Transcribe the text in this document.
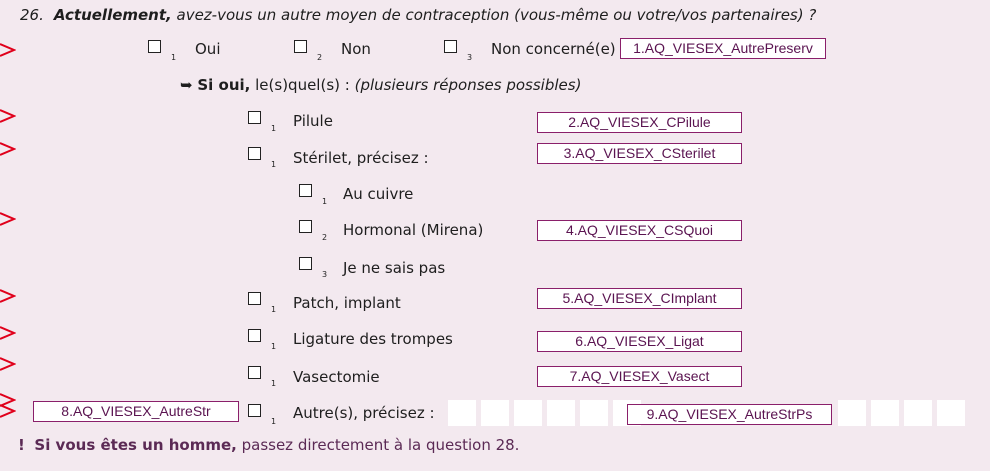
26. Actuellement, avez-vous un autre moyen de contraception (vous-même ou votre/vos partenaires) ?
1 Oui	2 Non	3 Non concerné(e)	1.AQ_VIESEX_AutrePreserv
➥ Si oui, le(s)quel(s) : (plusieurs réponses possibles)
1 Pilule	2.AQ_VIESEX_CPilule
1 Stérilet, précisez :	3.AQ_VIESEX_CSterilet
1 Au cuivre
2 Hormonal (Mirena)	4.AQ_VIESEX_CSQuoi
3 Je ne sais pas
1 Patch, implant	5.AQ_VIESEX_CImplant
1 Ligature des trompes	6.AQ_VIESEX_Ligat
1 Vasectomie	7.AQ_VIESEX_Vasect
8.AQ_VIESEX_AutreStr
1 Autre(s), précisez :	9.AQ_VIESEX_AutreStrPs
! Si vous êtes un homme, passez directement à la question 28.
